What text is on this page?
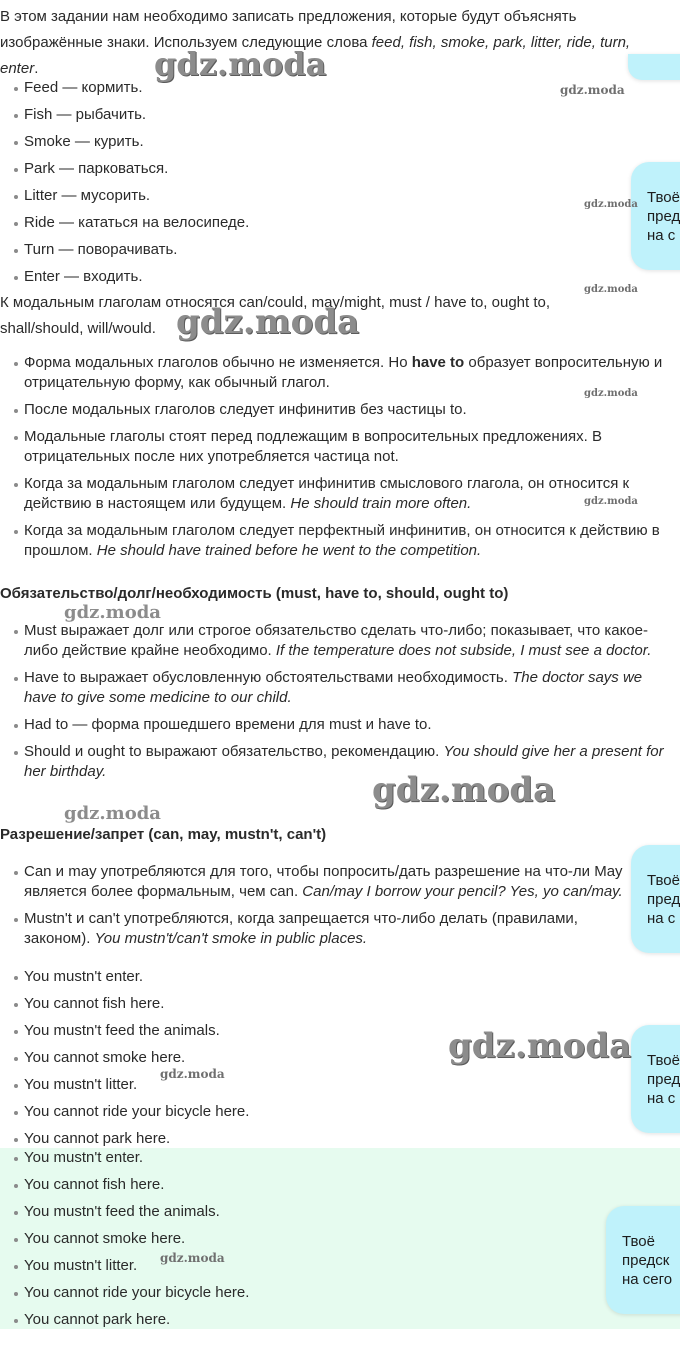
В этом задании нам необходимо записать предложения, которые будут объяснять изображённые знаки. Используем следующие слова feed, fish, smoke, park, litter, ride, turn, enter.

Feed — кормить.
Fish — рыбачить.
Smoke — курить.
Park — парковаться.
Litter — мусорить.
Ride — кататься на велосипеде.
Turn — поворачивать.
Enter — входить.

К модальным глаголам относятся can/could, may/might, must / have to, ought to, shall/should, will/would.

Форма модальных глаголов обычно не изменяется. Но have to образует вопросительную и отрицательную форму, как обычный глагол.
После модальных глаголов следует инфинитив без частицы to.
Модальные глаголы стоят перед подлежащим в вопросительных предложениях. В отрицательных после них употребляется частица not.
Когда за модальным глаголом следует инфинитив смыслового глагола, он относится к действию в настоящем или будущем. He should train more often.
Когда за модальным глаголом следует перфектный инфинитив, он относится к действию в прошлом. He should have trained before he went to the competition.

Обязательство/долг/необходимость (must, have to, should, ought to)

Must выражает долг или строгое обязательство сделать что-либо; показывает, что какое-либо действие крайне необходимо. If the temperature does not subside, I must see a doctor.
Have to выражает обусловленную обстоятельствами необходимость. The doctor says we have to give some medicine to our child.
Had to — форма прошедшего времени для must и have to.
Should и ought to выражают обязательство, рекомендацию. You should give her a present for her birthday.

Разрешение/запрет (can, may, mustn't, can't)

Can и may употребляются для того, чтобы попросить/дать разрешение на что-ли May является более формальным, чем can. Can/may I borrow your pencil? Yes, yo can/may.
Mustn't и can't употребляются, когда запрещается что-либо делать (правилами, законом). You mustn't/can't smoke in public places.
You mustn't enter.
You cannot fish here.
You mustn't feed the animals.
You cannot smoke here.
You mustn't litter.
You cannot ride your bicycle here.
You cannot park here.
You mustn't enter.
You cannot fish here.
You mustn't feed the animals.
You cannot smoke here.
You mustn't litter.
You cannot ride your bicycle here.
You cannot park here.
Твоё
пред
на с
Твоё
пред
на с
Твоё
пред
на с
Твоё
предск
на сего
gdz.moda
gdz.moda
gdz.moda
gdz.moda
gdz.moda
gdz.moda
gdz.moda
gdz.moda
gdz.moda
gdz.moda
gdz.moda
gdz.moda
gdz.moda
